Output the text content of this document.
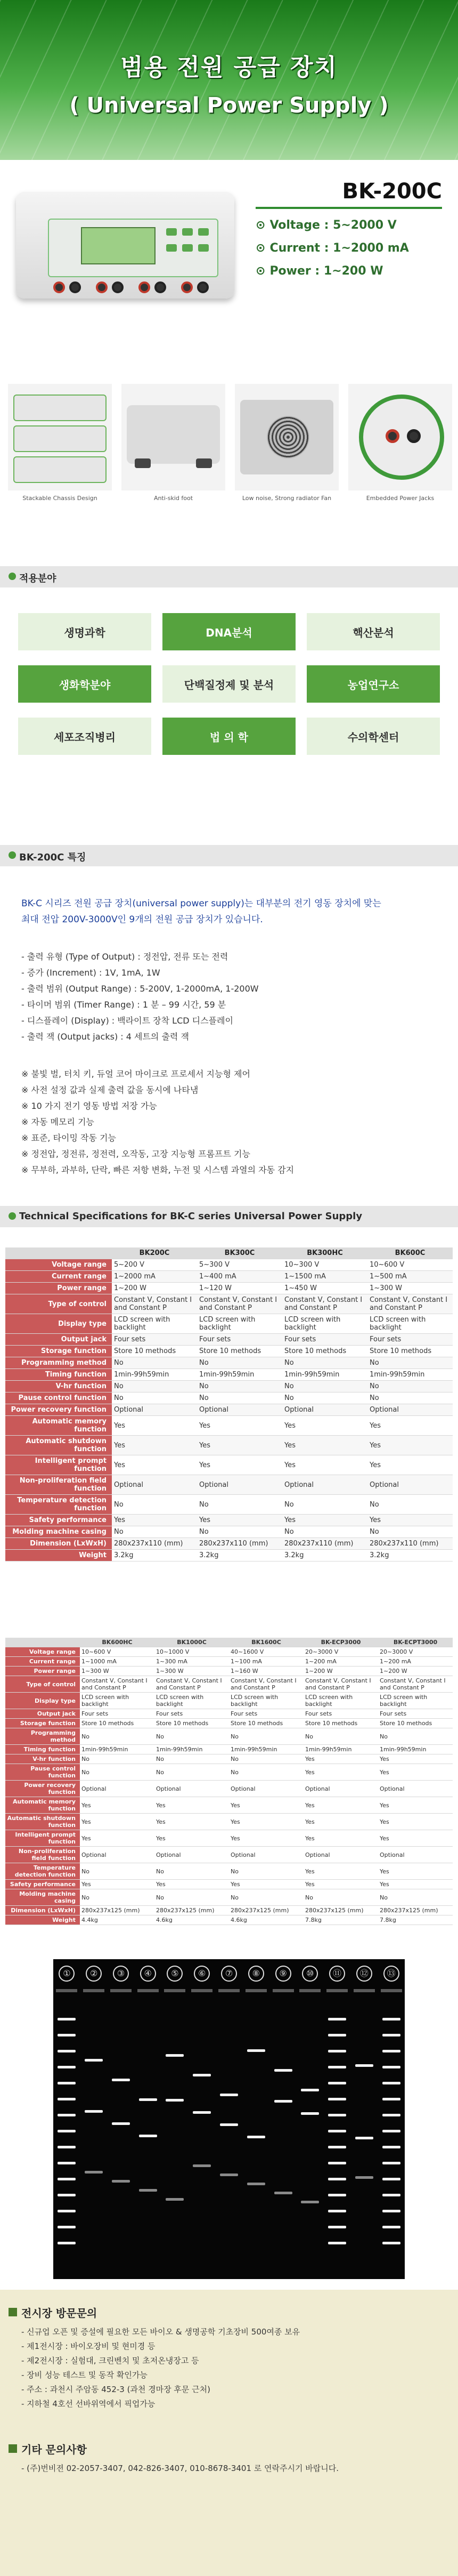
범용 전원 공급 장치
( Universal Power Supply )
BK-200C
⊙ Voltage : 5~2000 V
⊙ Current : 1~2000 mA
⊙ Power : 1~200 W
Stackable Chassis Design	Anti-skid foot	Low noise, Strong radiator Fan	Embedded Power Jacks
적용분야
생명과학	DNA분석	핵산분석
생화학분야	단백질정제 및 분석	농업연구소
세포조직병리	법 의 학	수의학센터
BK-200C 특징
BK-C 시리즈 전원 공급 장치(universal power supply)는 대부분의 전기 영동 장치에 맞는
최대 전압 200V-3000V인 9개의 전원 공급 장치가 있습니다.
- 출력 유형 (Type of Output) : 정전압, 전류 또는 전력
- 증가 (Increment) : 1V, 1mA, 1W
- 출력 범위 (Output Range) : 5-200V, 1-2000mA, 1-200W
- 타이머 범위 (Timer Range) : 1 분 – 99 시간, 59 분
- 디스플레이 (Display) : 백라이트 장착 LCD 디스플레이
- 출력 잭 (Output jacks) : 4 세트의 출력 잭
※ 불빛 벌, 터치 키, 듀얼 코어 마이크로 프로세서 지능형 제어
※ 사전 설정 값과 실제 출력 값을 동시에 나타냄
※ 10 가지 전기 영동 방법 저장 가능
※ 자동 메모리 기능
※ 표준, 타이밍 작동 기능
※ 정전압, 정전류, 정전력, 오작동, 고장 지능형 프롬프트 기능
※ 무부하, 과부하, 단락, 빠른 저항 변화, 누전 및 시스템 과열의 자동 감지
Technical Specifications for BK-C series Universal Power Supply
	BK200C	BK300C	BK300HC	BK600C
Voltage range	5~200 V	5~300 V	10~300 V	10~600 V
Current range	1~2000 mA	1~400 mA	1~1500 mA	1~500 mA
Power range	1~200 W	1~120 W	1~450 W	1~300 W
Type of control	Constant V, Constant I and Constant P	Constant V, Constant I and Constant P	Constant V, Constant I and Constant P	Constant V, Constant I and Constant P
Display type	LCD screen with backlight	LCD screen with backlight	LCD screen with backlight	LCD screen with backlight
Output jack	Four sets	Four sets	Four sets	Four sets
Storage function	Store 10 methods	Store 10 methods	Store 10 methods	Store 10 methods
Programming method	No	No	No	No
Timing function	1min-99h59min	1min-99h59min	1min-99h59min	1min-99h59min
V-hr function	No	No	No	No
Pause control function	No	No	No	No
Power recovery function	Optional	Optional	Optional	Optional
Automatic memory function	Yes	Yes	Yes	Yes
Automatic shutdown function	Yes	Yes	Yes	Yes
Intelligent prompt function	Yes	Yes	Yes	Yes
Non-proliferation field function	Optional	Optional	Optional	Optional
Temperature detection function	No	No	No	No
Safety performance	Yes	Yes	Yes	Yes
Molding machine casing	No	No	No	No
Dimension (LxWxH)	280x237x110 (mm)	280x237x110 (mm)	280x237x110 (mm)	280x237x110 (mm)
Weight	3.2kg	3.2kg	3.2kg	3.2kg
	BK600HC	BK1000C	BK1600C	BK-ECP3000	BK-ECPT3000
Voltage range	10~600 V	10~1000 V	40~1600 V	20~3000 V	20~3000 V
Current range	1~1000 mA	1~300 mA	1~100 mA	1~200 mA	1~200 mA
Power range	1~300 W	1~300 W	1~160 W	1~200 W	1~200 W
Type of control	Constant V, Constant I and Constant P	Constant V, Constant I and Constant P	Constant V, Constant I and Constant P	Constant V, Constant I and Constant P	Constant V, Constant I and Constant P
Display type	LCD screen with backlight	LCD screen with backlight	LCD screen with backlight	LCD screen with backlight	LCD screen with backlight
Output jack	Four sets	Four sets	Four sets	Four sets	Four sets
Storage function	Store 10 methods	Store 10 methods	Store 10 methods	Store 10 methods	Store 10 methods
Programming method	No	No	No	No	No
Timing function	1min-99h59min	1min-99h59min	1min-99h59min	1min-99h59min	1min-99h59min
V-hr function	No	No	No	Yes	Yes
Pause control function	No	No	No	Yes	Yes
Power recovery function	Optional	Optional	Optional	Optional	Optional
Automatic memory function	Yes	Yes	Yes	Yes	Yes
Automatic shutdown function	Yes	Yes	Yes	Yes	Yes
Intelligent prompt function	Yes	Yes	Yes	Yes	Yes
Non-proliferation field function	Optional	Optional	Optional	Optional	Optional
Temperature detection function	No	No	No	Yes	Yes
Safety performance	Yes	Yes	Yes	Yes	Yes
Molding machine casing	No	No	No	No	No
Dimension (LxWxH)	280x237x125 (mm)	280x237x125 (mm)	280x237x125 (mm)	280x237x125 (mm)	280x237x125 (mm)
Weight	4.4kg	4.6kg	4.6kg	7.8kg	7.8kg
①	②	③	④	⑤	⑥	⑦	⑧	⑨	⑩	⑪	⑫	⑬
전시장 방문문의
- 신규업 오픈 및 증설에 필요한 모든 바이오 & 생명공학 기초장비 500여종 보유
- 제1전시장 : 바이오장비 및 현미경 등
- 제2전시장 : 실험대, 크린벤치 및 초저온냉장고 등
- 장비 성능 테스트 및 동작 확인가능
- 주소 : 과천시 주암동 452-3 (과천 경마장 후문 근처)
- 지하철 4호선 선바위역에서 픽업가능
기타 문의사항
- (주)번비젼 02-2057-3407, 042-826-3407, 010-8678-3401 로 연락주시기 바랍니다.
